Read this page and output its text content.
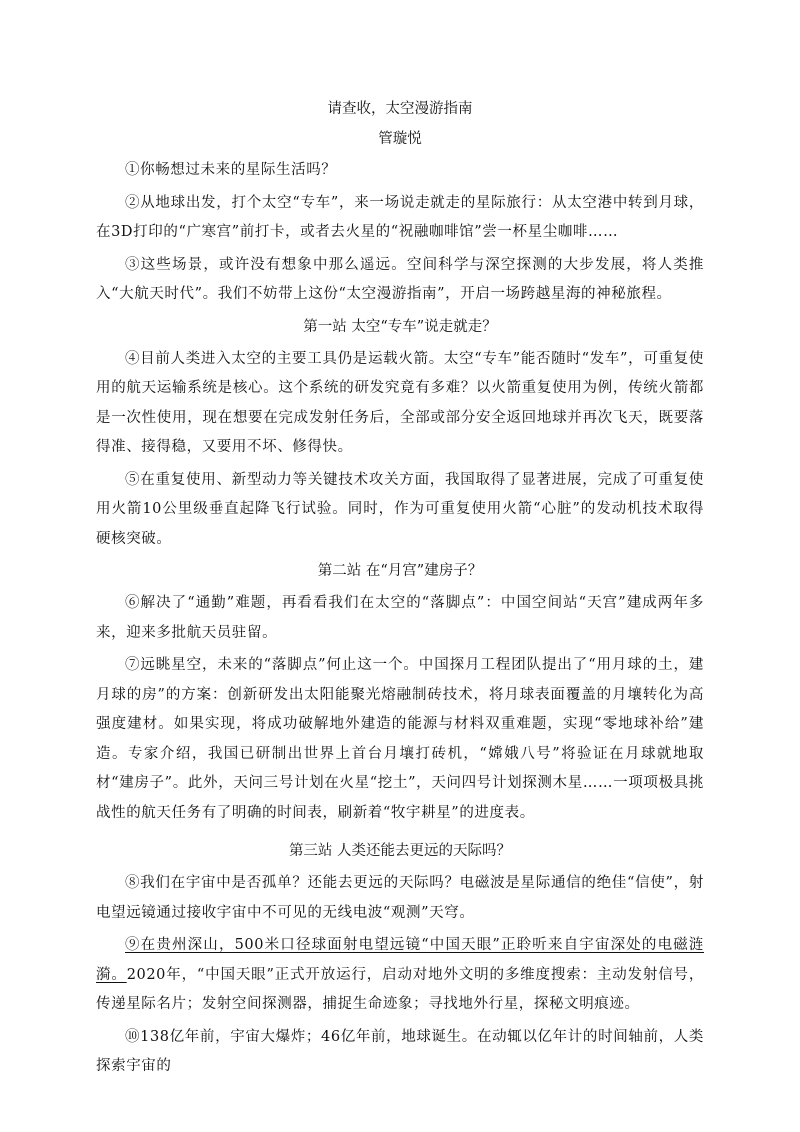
请查收，太空漫游指南

管璇悦

①你畅想过未来的星际生活吗？

②从地球出发，打个太空“专车”，来一场说走就走的星际旅行：从太空港中转到月球，在3D打印的“广寒宫”前打卡，或者去火星的“祝融咖啡馆”尝一杯星尘咖啡……

③这些场景，或许没有想象中那么遥远。空间科学与深空探测的大步发展，将人类推入“大航天时代”。我们不妨带上这份“太空漫游指南”，开启一场跨越星海的神秘旅程。

第一站 太空“专车”说走就走？

④目前人类进入太空的主要工具仍是运载火箭。太空“专车”能否随时“发车”，可重复使用的航天运输系统是核心。这个系统的研发究竟有多难？以火箭重复使用为例，传统火箭都是一次性使用，现在想要在完成发射任务后，全部或部分安全返回地球并再次飞天，既要落得准、接得稳，又要用不坏、修得快。

⑤在重复使用、新型动力等关键技术攻关方面，我国取得了显著进展，完成了可重复使用火箭10公里级垂直起降飞行试验。同时，作为可重复使用火箭“心脏”的发动机技术取得硬核突破。

第二站 在“月宫”建房子？

⑥解决了“通勤”难题，再看看我们在太空的“落脚点”：中国空间站“天宫”建成两年多来，迎来多批航天员驻留。

⑦远眺星空，未来的“落脚点”何止这一个。中国探月工程团队提出了“用月球的土，建月球的房”的方案：创新研发出太阳能聚光熔融制砖技术，将月球表面覆盖的月壤转化为高强度建材。如果实现，将成功破解地外建造的能源与材料双重难题，实现“零地球补给”建造。专家介绍，我国已研制出世界上首台月壤打砖机，“嫦娥八号”将验证在月球就地取材“建房子”。此外，天问三号计划在火星“挖土”，天问四号计划探测木星……一项项极具挑战性的航天任务有了明确的时间表，刷新着“牧宇耕星”的进度表。

第三站 人类还能去更远的天际吗？

⑧我们在宇宙中是否孤单？还能去更远的天际吗？电磁波是星际通信的绝佳“信使”，射电望远镜通过接收宇宙中不可见的无线电波“观测”天穹。

⑨在贵州深山，500米口径球面射电望远镜“中国天眼”正聆听来自宇宙深处的电磁涟漪。2020年，“中国天眼”正式开放运行，启动对地外文明的多维度搜索：主动发射信号，传递星际名片；发射空间探测器，捕捉生命迹象；寻找地外行星，探秘文明痕迹。

⑩138亿年前，宇宙大爆炸；46亿年前，地球诞生。在动辄以亿年计的时间轴前，人类探索宇宙的
